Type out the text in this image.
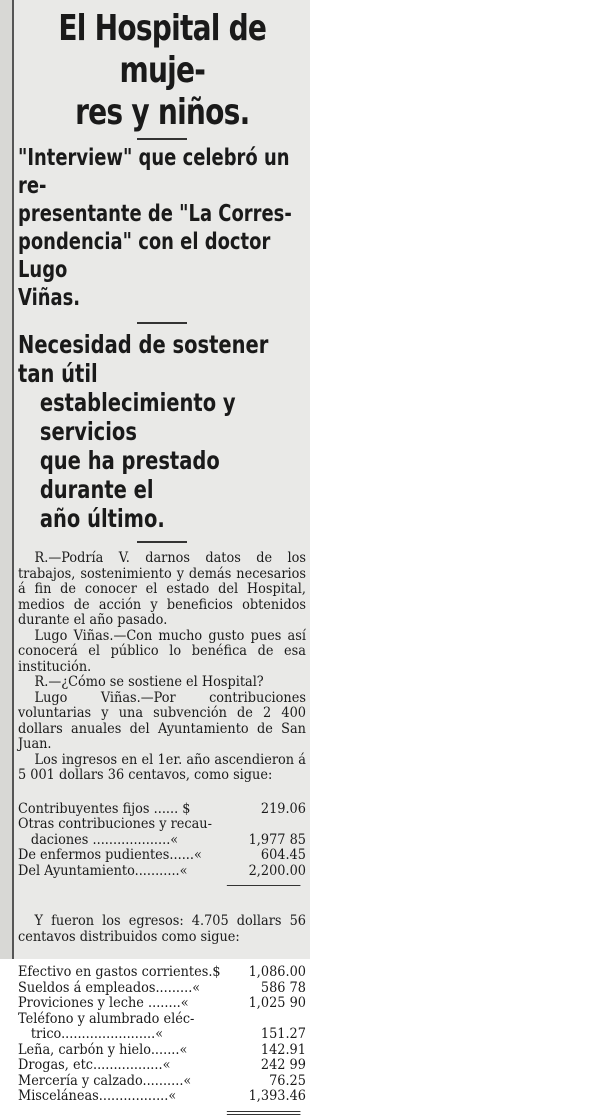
El Hospital de muje-
res y niños.
"Interview" que celebró un re-
presentante de "La Corres-
pondencia" con el doctor Lugo
Viñas.
Necesidad de sostener tan útil
establecimiento y servicios
que ha prestado durante el
año último.

R.—Podría V. darnos datos de los trabajos, sostenimiento y demás necesarios á fin de conocer el estado del Hospital, medios de acción y beneficios obtenidos durante el año pasado.

Lugo Viñas.—Con mucho gusto pues así conocerá el público lo benéfica de esa institución.

R.—¿Cómo se sostiene el Hospital?

Lugo Viñas.—Por contribuciones voluntarias y una subvención de 2 400 dollars anuales del Ayuntamiento de San Juan.

Los ingresos en el 1er. año ascendieron á 5 001 dollars 36 centavos, como sigue:

Contribuyentes fijos ...... $	219.06
Otras contribuciones y recau-
daciones ...................«	1,977 85
De enfermos pudientes......«	604.45
Del Ayuntamiento...........«	2,200.00

Y fueron los egresos: 4.705 dollars 56 centavos distribuidos como sigue:

Efectivo en gastos corrientes.$	1,086.00
Sueldos á empleados.........«	586 78
Proviciones y leche ........«	1,025 90
Teléfono y alumbrado eléc-
trico.......................«	151.27
Leña, carbón y hielo.......«	142.91
Drogas, etc.................«	242 99
Mercería y calzado..........«	76.25
Misceláneas.................«	1,393.46
